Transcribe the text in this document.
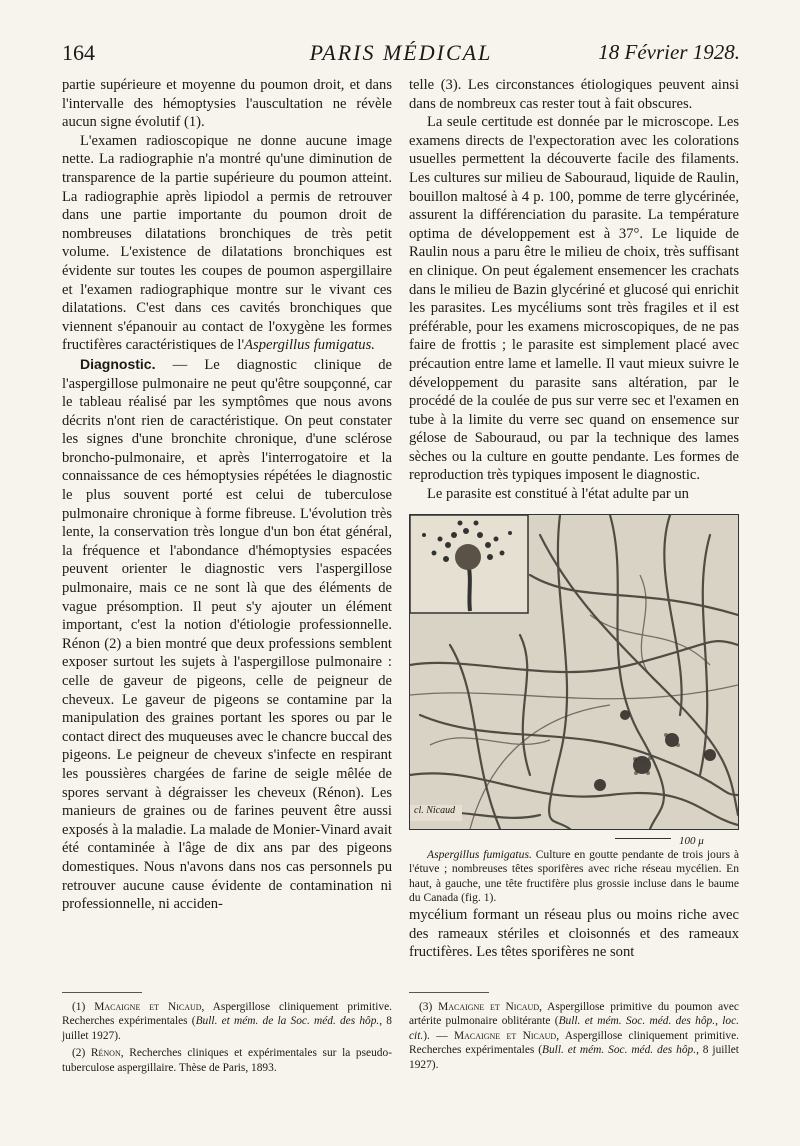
164	PARIS MÉDICAL	18 Février 1928.

partie supérieure et moyenne du poumon droit, et dans l'intervalle des hémoptysies l'auscultation ne révèle aucun signe évolutif (1).

L'examen radioscopique ne donne aucune image nette. La radiographie n'a montré qu'une diminution de transparence de la partie supérieure du poumon atteint. La radiographie après lipiodol a permis de retrouver dans une partie importante du poumon droit de nombreuses dilatations bronchiques de très petit volume. L'existence de dilatations bronchiques est évidente sur toutes les coupes de poumon aspergillaire et l'examen radiographique montre sur le vivant ces dilatations. C'est dans ces cavités bronchiques que viennent s'épanouir au contact de l'oxygène les formes fructifères caractéristiques de l'Aspergillus fumigatus.

Diagnostic. — Le diagnostic clinique de l'aspergillose pulmonaire ne peut qu'être soupçonné, car le tableau réalisé par les symptômes que nous avons décrits n'ont rien de caractéristique. On peut constater les signes d'une bronchite chronique, d'une sclérose broncho-pulmonaire, et après l'interrogatoire et la connaissance de ces hémoptysies répétées le diagnostic le plus souvent porté est celui de tuberculose pulmonaire chronique à forme fibreuse. L'évolution très lente, la conservation très longue d'un bon état général, la fréquence et l'abondance d'hémoptysies espacées peuvent orienter le diagnostic vers l'aspergillose pulmonaire, mais ce ne sont là que des éléments de vague présomption. Il peut s'y ajouter un élément important, c'est la notion d'étiologie professionnelle. Rénon (2) a bien montré que deux professions semblent exposer surtout les sujets à l'aspergillose pulmonaire : celle de gaveur de pigeons, celle de peigneur de cheveux. Le gaveur de pigeons se contamine par la manipulation des graines portant les spores ou par le contact direct des muqueuses avec le chancre buccal des pigeons. Le peigneur de cheveux s'infecte en respirant les poussières chargées de farine de seigle mêlée de spores servant à dégraisser les cheveux (Rénon). Les manieurs de graines ou de farines peuvent être aussi exposés à la maladie. La malade de Monier-Vinard avait été contaminée à l'âge de dix ans par des pigeons domestiques. Nous n'avons dans nos cas personnels pu retrouver aucune cause évidente de contamination ni professionnelle, ni acciden-

telle (3). Les circonstances étiologiques peuvent ainsi dans de nombreux cas rester tout à fait obscures.

La seule certitude est donnée par le microscope. Les examens directs de l'expectoration avec les colorations usuelles permettent la découverte facile des filaments. Les cultures sur milieu de Sabouraud, liquide de Raulin, bouillon maltosé à 4 p. 100, pomme de terre glycérinée, assurent la différenciation du parasite. La température optima de développement est à 37°. Le liquide de Raulin nous a paru être le milieu de choix, très suffisant en clinique. On peut également ensemencer les crachats dans le milieu de Bazin glycériné et glucosé qui enrichit les parasites. Les mycéliums sont très fragiles et il est préférable, pour les examens microscopiques, de ne pas faire de frottis ; le parasite est simplement placé avec précaution entre lame et lamelle. Il vaut mieux suivre le développement du parasite sans altération, par le procédé de la coulée de pus sur verre sec et l'examen en tube à la limite du verre sec quand on ensemence sur gélose de Sabouraud, ou par la technique des lames sèches ou la culture en goutte pendante. Les formes de reproduction très typiques imposent le diagnostic.

Le parasite est constitué à l'état adulte par un

cl. Nicaud
100 μ

Aspergillus fumigatus. Culture en goutte pendante de trois jours à l'étuve ; nombreuses têtes sporifères avec riche réseau mycélien. En haut, à gauche, une tête fructifère plus grossie incluse dans le baume du Canada (fig. 1).

mycélium formant un réseau plus ou moins riche avec des rameaux stériles et cloisonnés et des rameaux fructifères. Les têtes sporifères ne sont

(1) Macaigne et Nicaud, Aspergillose cliniquement primitive. Recherches expérimentales (Bull. et mém. de la Soc. méd. des hôp., 8 juillet 1927).

(2) Rénon, Recherches cliniques et expérimentales sur la pseudo-tuberculose aspergillaire. Thèse de Paris, 1893.

(3) Macaigne et Nicaud, Aspergillose primitive du poumon avec artérite pulmonaire oblitérante (Bull. et mém. Soc. méd. des hôp., loc. cit.). — Macaigne et Nicaud, Aspergillose cliniquement primitive. Recherches expérimentales (Bull. et mém. Soc. méd. des hôp., 8 juillet 1927).
